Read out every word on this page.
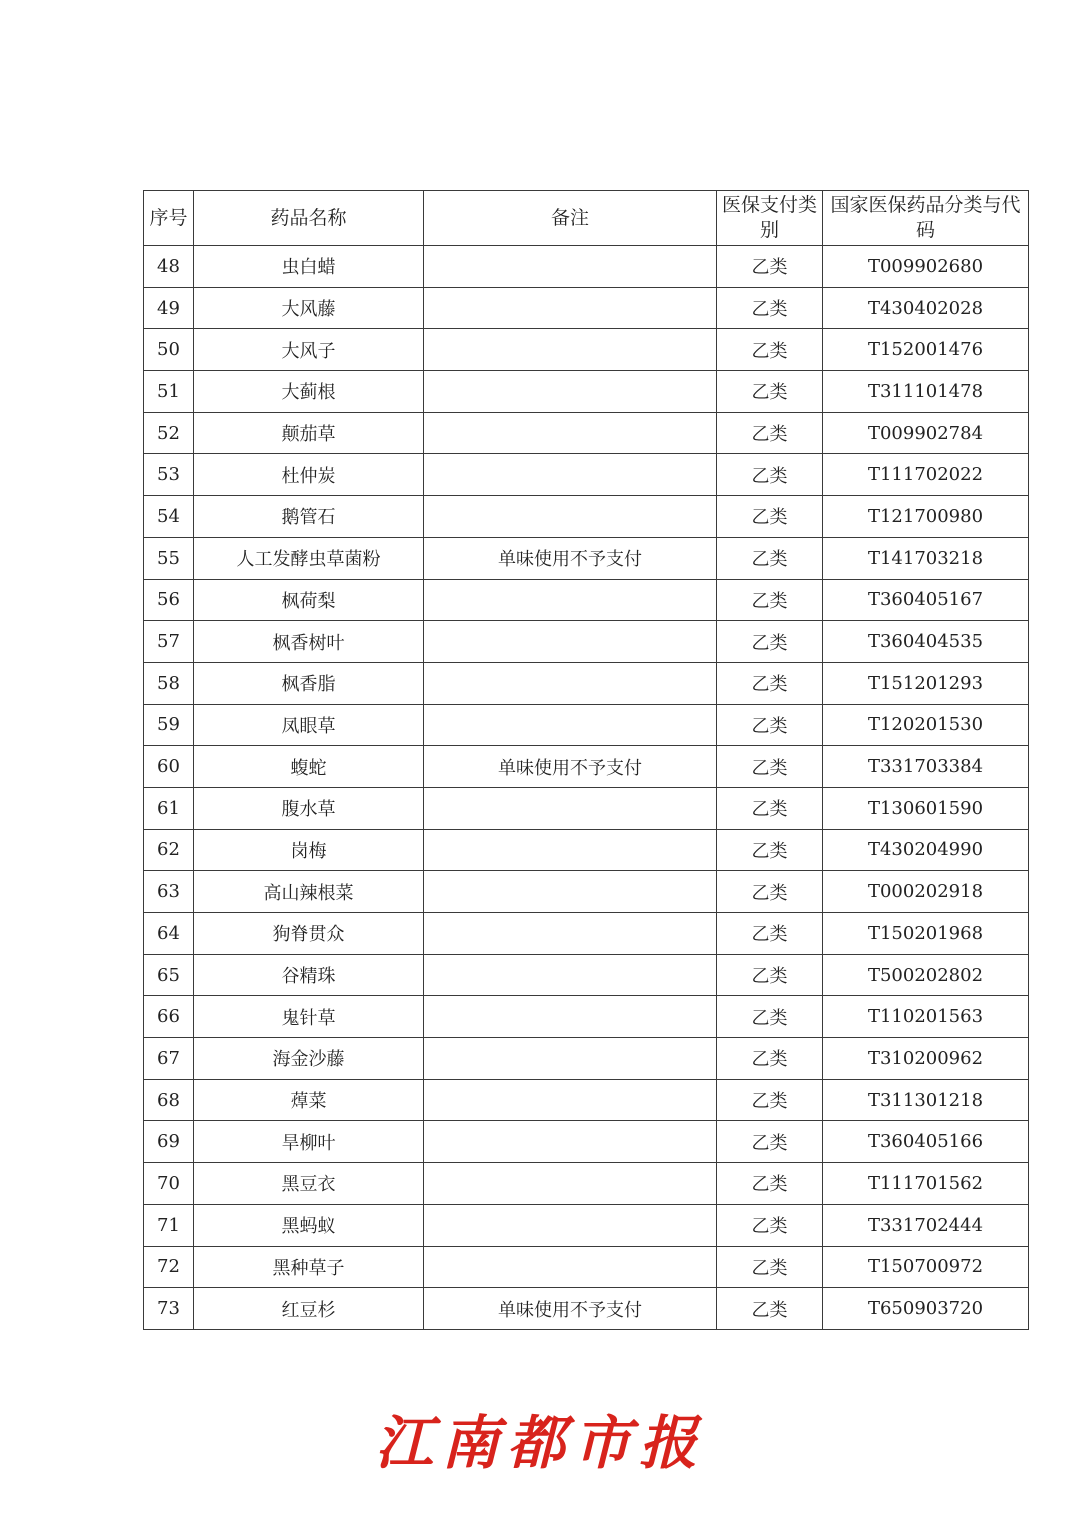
序号	药品名称	备注	医保支付类别	国家医保药品分类与代码
48	虫白蜡		乙类	T009902680
49	大风藤		乙类	T430402028
50	大风子		乙类	T152001476
51	大蓟根		乙类	T311101478
52	颠茄草		乙类	T009902784
53	杜仲炭		乙类	T111702022
54	鹅管石		乙类	T121700980
55	人工发酵虫草菌粉	单味使用不予支付	乙类	T141703218
56	枫荷梨		乙类	T360405167
57	枫香树叶		乙类	T360404535
58	枫香脂		乙类	T151201293
59	凤眼草		乙类	T120201530
60	蝮蛇	单味使用不予支付	乙类	T331703384
61	腹水草		乙类	T130601590
62	岗梅		乙类	T430204990
63	高山辣根菜		乙类	T000202918
64	狗脊贯众		乙类	T150201968
65	谷精珠		乙类	T500202802
66	鬼针草		乙类	T110201563
67	海金沙藤		乙类	T310200962
68	蔊菜		乙类	T311301218
69	旱柳叶		乙类	T360405166
70	黑豆衣		乙类	T111701562
71	黑蚂蚁		乙类	T331702444
72	黑种草子		乙类	T150700972
73	红豆杉	单味使用不予支付	乙类	T650903720
江南都市报
